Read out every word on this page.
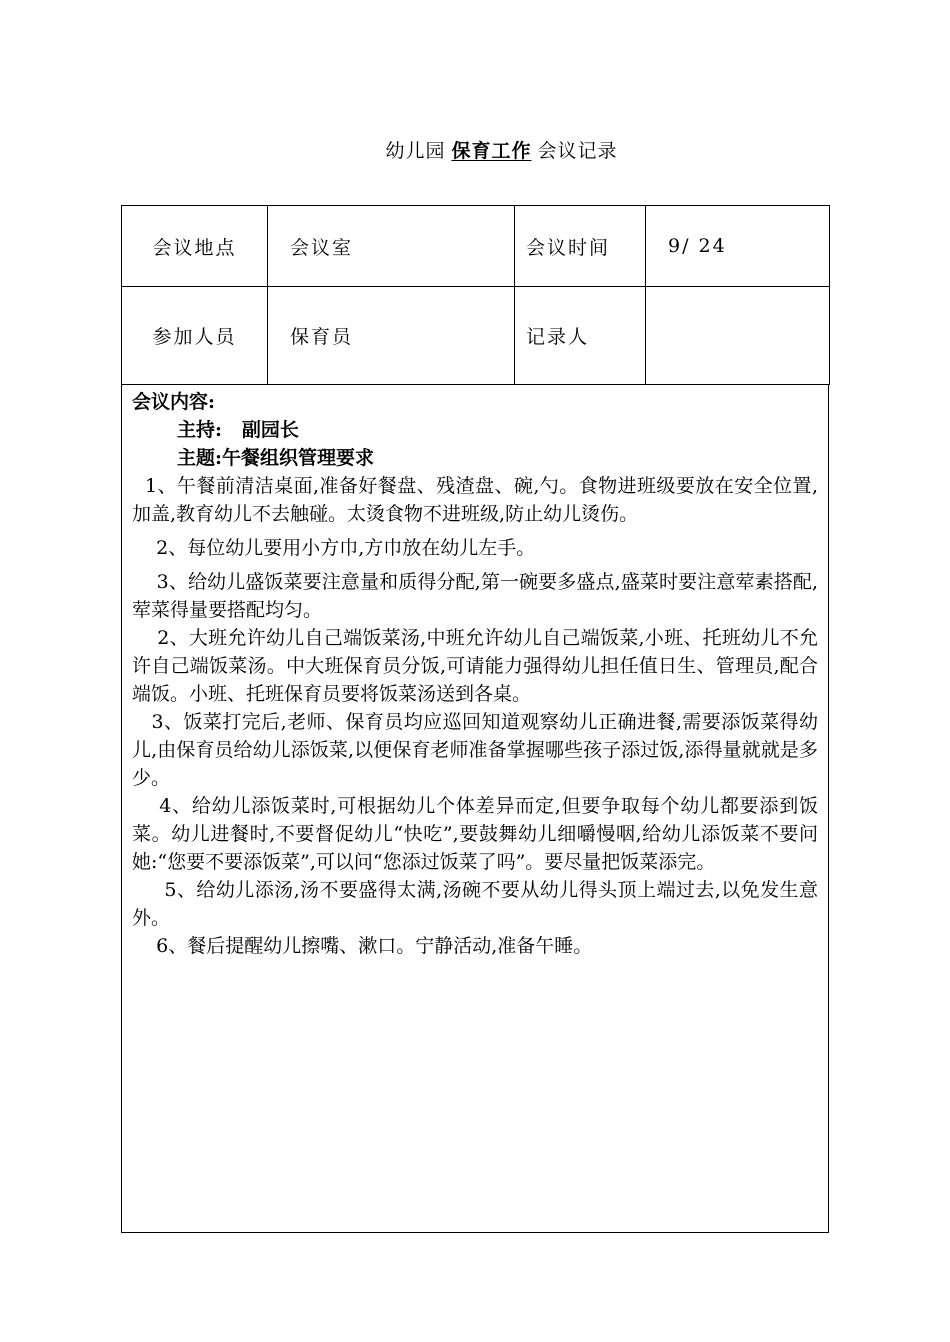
幼儿园 保育工作 会议记录
会议地点	会议室	会议时间	9/ 24
参加人员	保育员	记录人	
会议内容:
主持:   副园长
主题:午餐组织管理要求

1、午餐前清洁桌面,准备好餐盘、残渣盘、碗,勺。食物进班级要放在安全位置,加盖,教育幼儿不去触碰。太烫食物不进班级,防止幼儿烫伤。

2、每位幼儿要用小方巾,方巾放在幼儿左手。

3、给幼儿盛饭菜要注意量和质得分配,第一碗要多盛点,盛菜时要注意荤素搭配,荤菜得量要搭配均匀。

2、大班允许幼儿自己端饭菜汤,中班允许幼儿自己端饭菜,小班、托班幼儿不允许自己端饭菜汤。中大班保育员分饭,可请能力强得幼儿担任值日生、管理员,配合端饭。小班、托班保育员要将饭菜汤送到各桌。

3、饭菜打完后,老师、保育员均应巡回知道观察幼儿正确进餐,需要添饭菜得幼儿,由保育员给幼儿添饭菜,以便保育老师准备掌握哪些孩子添过饭,添得量就就是多少。

4、给幼儿添饭菜时,可根据幼儿个体差异而定,但要争取每个幼儿都要添到饭菜。幼儿进餐时,不要督促幼儿“快吃”,要鼓舞幼儿细嚼慢咽,给幼儿添饭菜不要问她:“您要不要添饭菜”,可以问“您添过饭菜了吗”。要尽量把饭菜添完。

5、给幼儿添汤,汤不要盛得太满,汤碗不要从幼儿得头顶上端过去,以免发生意外。

6、餐后提醒幼儿擦嘴、漱口。宁静活动,准备午睡。
